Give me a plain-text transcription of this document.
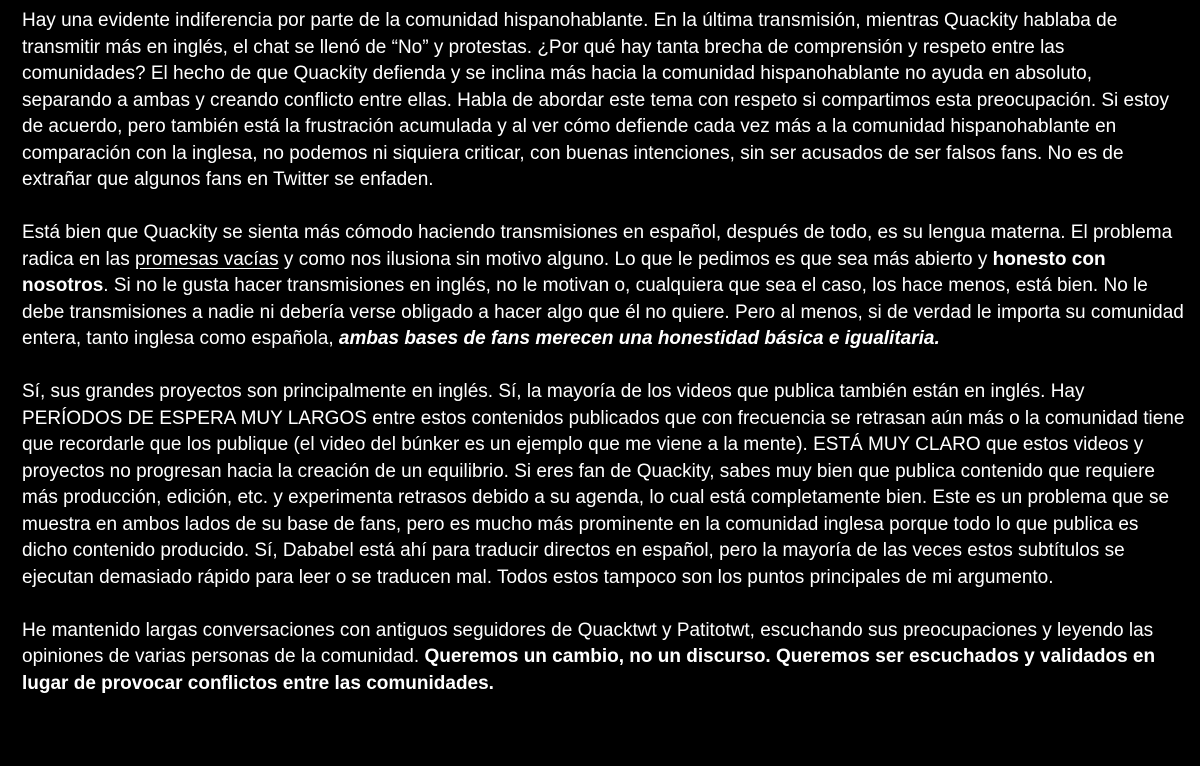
Hay una evidente indiferencia por parte de la comunidad hispanohablante. En la última transmisión, mientras Quackity hablaba de transmitir más en inglés, el chat se llenó de “No” y protestas. ¿Por qué hay tanta brecha de comprensión y respeto entre las comunidades? El hecho de que Quackity defienda y se inclina más hacia la comunidad hispanohablante no ayuda en absoluto, separando a ambas y creando conflicto entre ellas. Habla de abordar este tema con respeto si compartimos esta preocupación. Si estoy de acuerdo, pero también está la frustración acumulada y al ver cómo defiende cada vez más a la comunidad hispanohablante en comparación con la inglesa, no podemos ni siquiera criticar, con buenas intenciones, sin ser acusados de ser falsos fans. No es de extrañar que algunos fans en Twitter se enfaden.

Está bien que Quackity se sienta más cómodo haciendo transmisiones en español, después de todo, es su lengua materna. El problema radica en las promesas vacías y como nos ilusiona sin motivo alguno. Lo que le pedimos es que sea más abierto y honesto con nosotros. Si no le gusta hacer transmisiones en inglés, no le motivan o, cualquiera que sea el caso, los hace menos, está bien. No le debe transmisiones a nadie ni debería verse obligado a hacer algo que él no quiere. Pero al menos, si de verdad le importa su comunidad entera, tanto inglesa como española, ambas bases de fans merecen una honestidad básica e igualitaria.

Sí, sus grandes proyectos son principalmente en inglés. Sí, la mayoría de los videos que publica también están en inglés. Hay PERÍODOS DE ESPERA MUY LARGOS entre estos contenidos publicados que con frecuencia se retrasan aún más o la comunidad tiene que recordarle que los publique (el video del búnker es un ejemplo que me viene a la mente). ESTÁ MUY CLARO que estos videos y proyectos no progresan hacia la creación de un equilibrio. Si eres fan de Quackity, sabes muy bien que publica contenido que requiere más producción, edición, etc. y experimenta retrasos debido a su agenda, lo cual está completamente bien. Este es un problema que se muestra en ambos lados de su base de fans, pero es mucho más prominente en la comunidad inglesa porque todo lo que publica es dicho contenido producido. Sí, Dababel está ahí para traducir directos en español, pero la mayoría de las veces estos subtítulos se ejecutan demasiado rápido para leer o se traducen mal. Todos estos tampoco son los puntos principales de mi argumento.

He mantenido largas conversaciones con antiguos seguidores de Quacktwt y Patitotwt, escuchando sus preocupaciones y leyendo las opiniones de varias personas de la comunidad. Queremos un cambio, no un discurso. Queremos ser escuchados y validados en lugar de provocar conflictos entre las comunidades.
